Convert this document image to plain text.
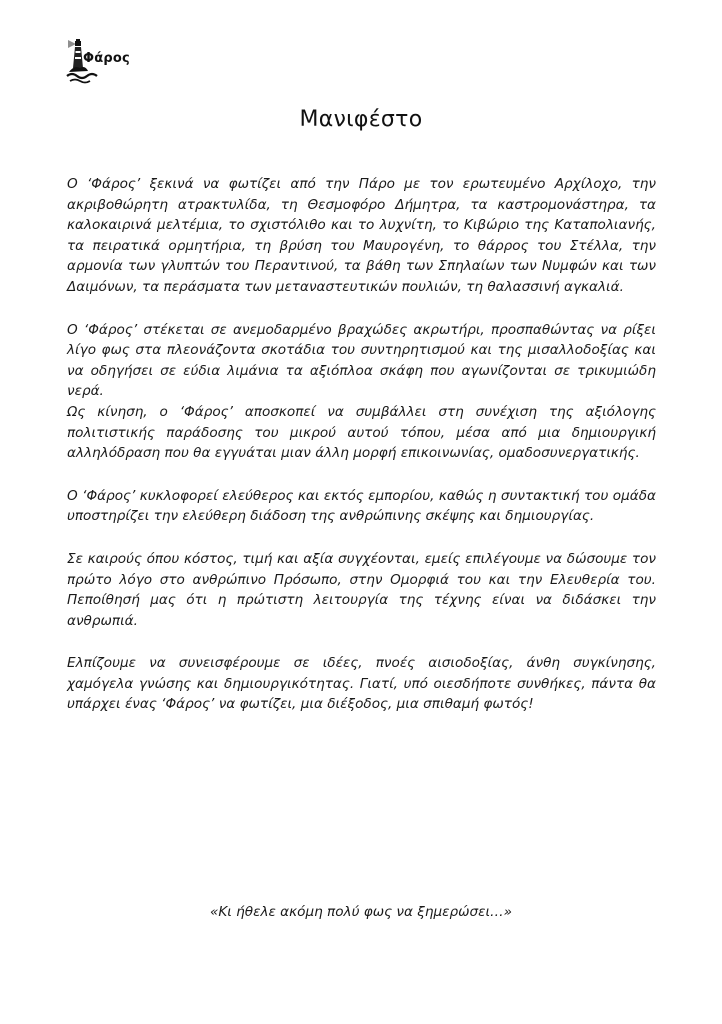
Φάρος
Μανιφέστο

Ο ‘Φάρος’ ξεκινά να φωτίζει από την Πάρο με τον ερωτευμένο Αρχίλοχο, την ακριβοθώρητη ατρακτυλίδα, τη Θεσμοφόρο Δήμητρα, τα καστρομονάστηρα, τα καλοκαιρινά μελτέμια, το σχιστόλιθο και το λυχνίτη, το Κιβώριο της Καταπολιανής, τα πειρατικά ορμητήρια, τη βρύση του Μαυρογένη, το θάρρος του Στέλλα, την αρμονία των γλυπτών του Περαντινού, τα βάθη των Σπηλαίων των Νυμφών και των Δαιμόνων, τα περάσματα των μεταναστευτικών πουλιών, τη θαλασσινή αγκαλιά.

Ο ‘Φάρος’ στέκεται σε ανεμοδαρμένο βραχώδες ακρωτήρι, προσπαθώντας να ρίξει λίγο φως στα πλεονάζοντα σκοτάδια του συντηρητισμού και της μισαλλοδοξίας και να οδηγήσει σε εύδια λιμάνια τα αξιόπλοα σκάφη που αγωνίζονται σε τρικυμιώδη νερά.

Ως κίνηση, ο ‘Φάρος’ αποσκοπεί να συμβάλλει στη συνέχιση της αξιόλογης πολιτιστικής παράδοσης του μικρού αυτού τόπου, μέσα από μια δημιουργική αλληλόδραση που θα εγγυάται μιαν άλλη μορφή επικοινωνίας, ομαδοσυνεργατικής.

Ο ‘Φάρος’ κυκλοφορεί ελεύθερος και εκτός εμπορίου, καθώς η συντακτική του ομάδα υποστηρίζει την ελεύθερη διάδοση της ανθρώπινης σκέψης και δημιουργίας.

Σε καιρούς όπου κόστος, τιμή και αξία συγχέονται, εμείς επιλέγουμε να δώσουμε τον πρώτο λόγο στο ανθρώπινο Πρόσωπο, στην Ομορφιά του και την Ελευθερία του. Πεποίθησή μας ότι η πρώτιστη λειτουργία της τέχνης είναι να διδάσκει την ανθρωπιά.

Ελπίζουμε να συνεισφέρουμε σε ιδέες, πνοές αισιοδοξίας, άνθη συγκίνησης, χαμόγελα γνώσης και δημιουργικότητας. Γιατί, υπό οιεσδήποτε συνθήκες, πάντα θα υπάρχει ένας ‘Φάρος’ να φωτίζει, μια διέξοδος, μια σπιθαμή φωτός!

«Κι ήθελε ακόμη πολύ φως να ξημερώσει…»
